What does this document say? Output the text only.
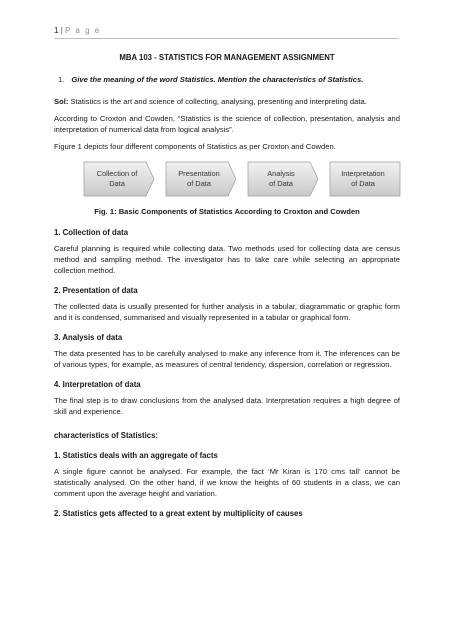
1 | P a g e
MBA 103 - STATISTICS FOR MANAGEMENT ASSIGNMENT
1. Give the meaning of the word Statistics. Mention the characteristics of Statistics.

Sol: Statistics is the art and science of collecting, analysing, presenting and interpreting data.

According to Croxton and Cowden, “Statistics is the science of collection, presentation, analysis and interpretation of numerical data from logical analysis”.

Figure 1 depicts four different components of Statistics as per Croxton and Cowden.

Collection of
Data
Presentation
of Data
Analysis
of Data
Interpretation
of Data
Fig. 1: Basic Components of Statistics According to Croxton and Cowden
1. Collection of data

Careful planning is required while collecting data. Two methods used for collecting data are census method and sampling method. The investigator has to take care while selecting an appropriate collection method.

2. Presentation of data

The collected data is usually presented for further analysis in a tabular, diagrammatic or graphic form and it is condensed, summarised and visually represented in a tabular or graphical form.

3. Analysis of data

The data presented has to be carefully analysed to make any inference from it. The inferences can be of various types, for example, as measures of central tendency, dispersion, correlation or regression.

4. Interpretation of data

The final step is to draw conclusions from the analysed data. Interpretation requires a high degree of skill and experience.

characteristics of Statistics:
1. Statistics deals with an aggregate of facts

A single figure cannot be analysed. For example, the fact ‘Mr Kiran is 170 cms tall’ cannot be statistically analysed. On the other hand, if we know the heights of 60 students in a class, we can comment upon the average height and variation.

2. Statistics gets affected to a great extent by multiplicity of causes
